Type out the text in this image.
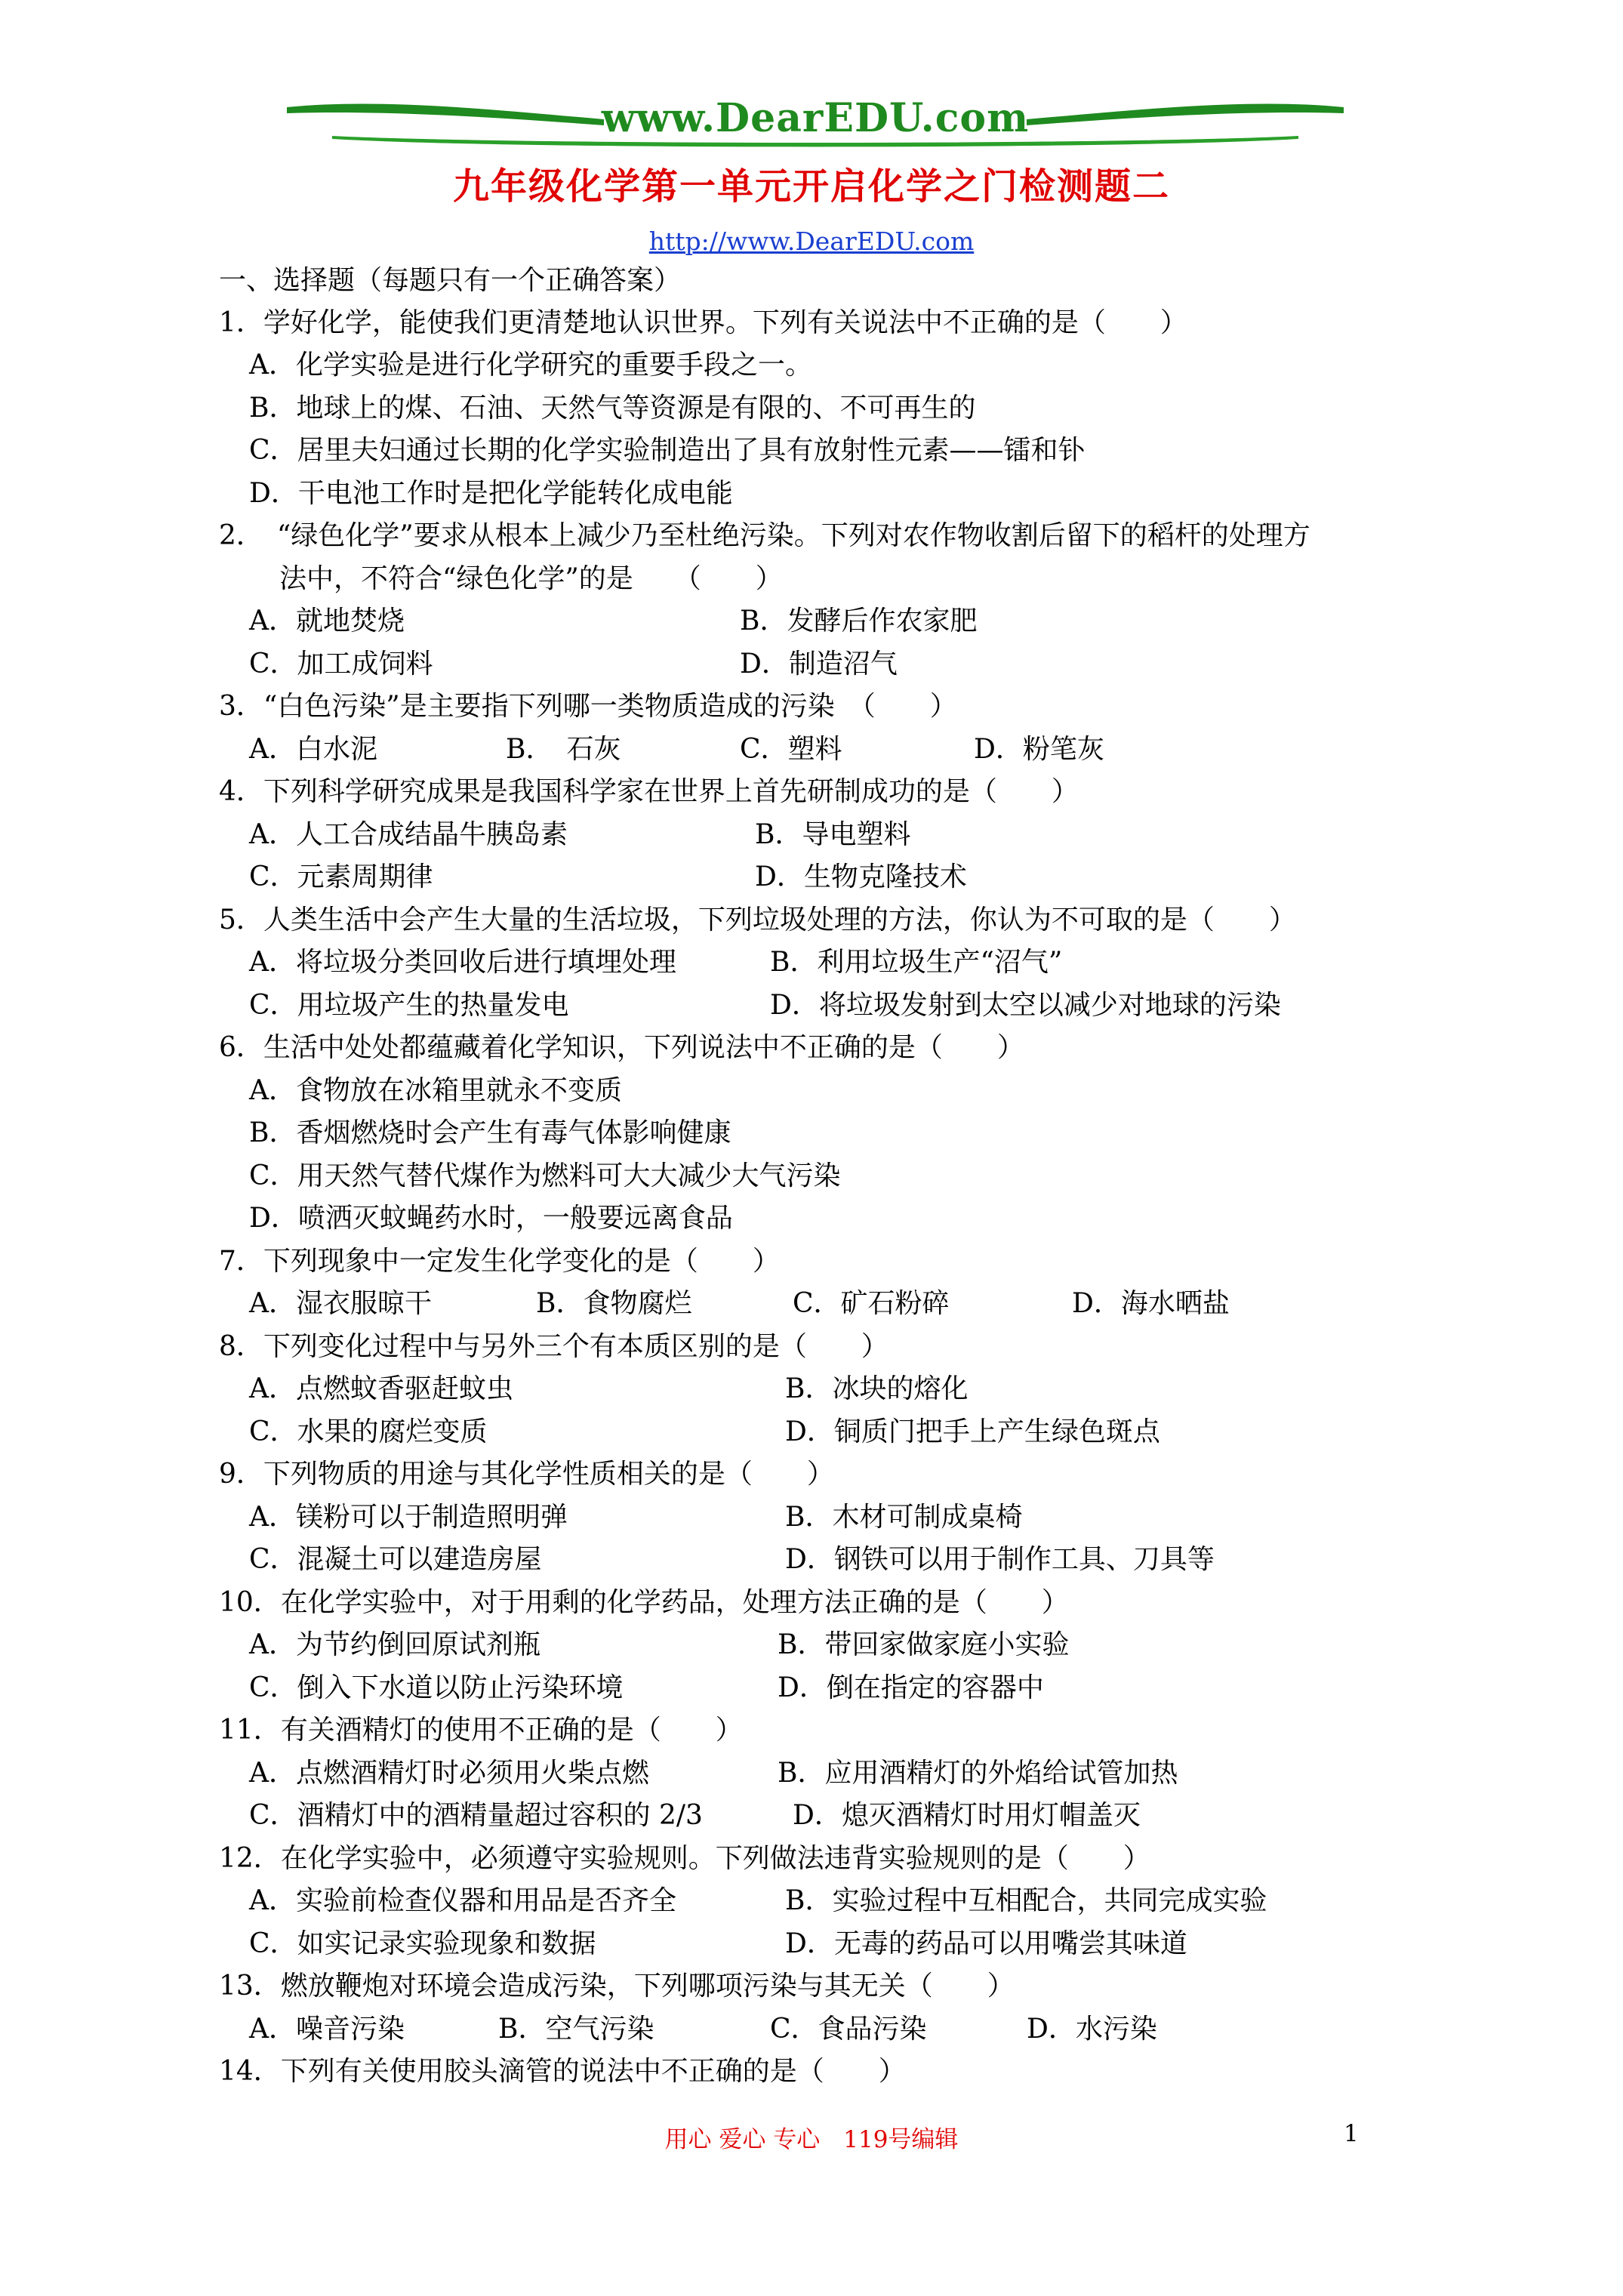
www.DearEDU.com
九年级化学第一单元开启化学之门检测题二
http://www.DearEDU.com
一、选择题（每题只有一个正确答案）
1．学好化学，能使我们更清楚地认识世界。下列有关说法中不正确的是（　　）
A．化学实验是进行化学研究的重要手段之一。
B．地球上的煤、石油、天然气等资源是有限的、不可再生的
C．居里夫妇通过长期的化学实验制造出了具有放射性元素——镭和钋
D．干电池工作时是把化学能转化成电能
2．　“绿色化学”要求从根本上减少乃至杜绝污染。下列对农作物收割后留下的稻杆的处理方
法中，不符合“绿色化学”的是　　（　　）
A．就地焚烧	B．发酵后作农家肥
C．加工成饲料	D．制造沼气
3．“白色污染”是主要指下列哪一类物质造成的污染　（　　）
A．白水泥	B．　石灰	C．塑料	D．粉笔灰
4．下列科学研究成果是我国科学家在世界上首先研制成功的是（　　）
A．人工合成结晶牛胰岛素	B．导电塑料
C．元素周期律	D．生物克隆技术
5．人类生活中会产生大量的生活垃圾，下列垃圾处理的方法，你认为不可取的是（　　）
A．将垃圾分类回收后进行填埋处理	B．利用垃圾生产“沼气”
C．用垃圾产生的热量发电	D．将垃圾发射到太空以减少对地球的污染
6．生活中处处都蕴藏着化学知识，下列说法中不正确的是（　　）
A．食物放在冰箱里就永不变质
B．香烟燃烧时会产生有毒气体影响健康
C．用天然气替代煤作为燃料可大大减少大气污染
D．喷洒灭蚊蝇药水时，一般要远离食品
7．下列现象中一定发生化学变化的是（　　）
A．湿衣服晾干	B．食物腐烂	C．矿石粉碎	D．海水晒盐
8．下列变化过程中与另外三个有本质区别的是（　　）
A．点燃蚊香驱赶蚊虫	B．冰块的熔化
C．水果的腐烂变质	D．铜质门把手上产生绿色斑点
9．下列物质的用途与其化学性质相关的是（　　）
A．镁粉可以于制造照明弹	B．木材可制成桌椅
C．混凝土可以建造房屋	D．钢铁可以用于制作工具、刀具等
10．在化学实验中，对于用剩的化学药品，处理方法正确的是（　　）
A．为节约倒回原试剂瓶	B．带回家做家庭小实验
C．倒入下水道以防止污染环境	D．倒在指定的容器中
11．有关酒精灯的使用不正确的是（　　）
A．点燃酒精灯时必须用火柴点燃	B．应用酒精灯的外焰给试管加热
C．酒精灯中的酒精量超过容积的 2/3	D．熄灭酒精灯时用灯帽盖灭
12．在化学实验中，必须遵守实验规则。下列做法违背实验规则的是（　　）
A．实验前检查仪器和用品是否齐全	B．实验过程中互相配合，共同完成实验
C．如实记录实验现象和数据	D．无毒的药品可以用嘴尝其味道
13．燃放鞭炮对环境会造成污染，下列哪项污染与其无关（　　）
A．噪音污染	B．空气污染	C．食品污染	D．水污染
14．下列有关使用胶头滴管的说法中不正确的是（　　）
用心 爱心 专心　119号编辑	1
